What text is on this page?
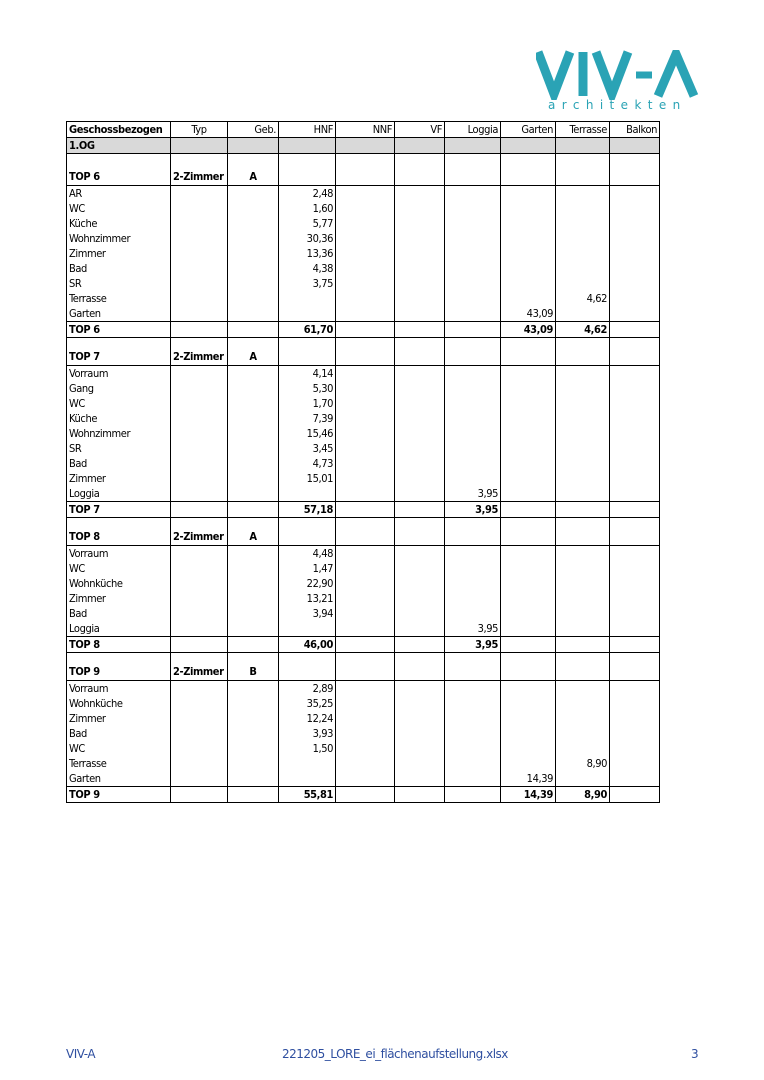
architekten
Geschossbezogen	Typ	Geb.	HNF	NNF	VF	Loggia	Garten	Terrasse	Balkon
1.OG									

TOP 6	2-Zimmer	A							
AR			2,48						
WC			1,60						
Küche			5,77						
Wohnzimmer			30,36						
Zimmer			13,36						
Bad			4,38						
SR			3,75						
Terrasse								4,62	
Garten							43,09		
TOP 6			61,70				43,09	4,62	

TOP 7	2-Zimmer	A							
Vorraum			4,14						
Gang			5,30						
WC			1,70						
Küche			7,39						
Wohnzimmer			15,46						
SR			3,45						
Bad			4,73						
Zimmer			15,01						
Loggia						3,95			
TOP 7			57,18			3,95			

TOP 8	2-Zimmer	A							
Vorraum			4,48						
WC			1,47						
Wohnküche			22,90						
Zimmer			13,21						
Bad			3,94						
Loggia						3,95			
TOP 8			46,00			3,95			

TOP 9	2-Zimmer	B							
Vorraum			2,89						
Wohnküche			35,25						
Zimmer			12,24						
Bad			3,93						
WC			1,50						
Terrasse								8,90	
Garten							14,39		
TOP 9			55,81				14,39	8,90	
VIV-A	221205_LORE_ei_flächenaufstellung.xlsx	3
